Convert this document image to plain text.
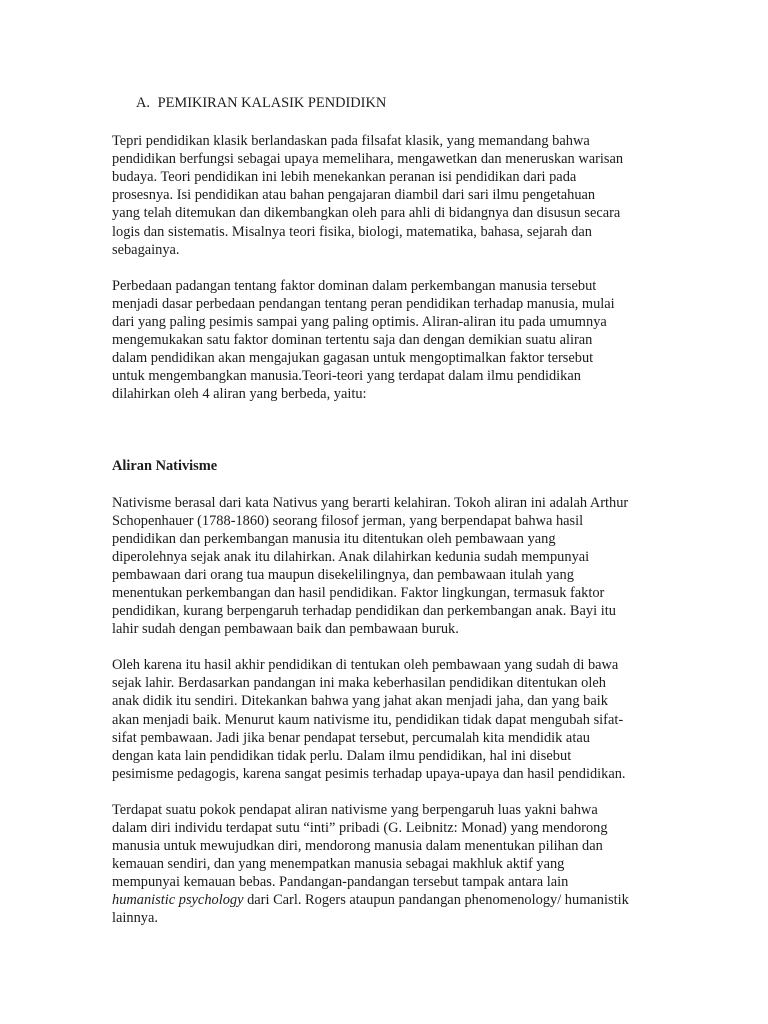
A. PEMIKIRAN KALASIK PENDIDIKN

Tepri pendidikan klasik berlandaskan pada filsafat klasik, yang memandang bahwa
pendidikan berfungsi sebagai upaya memelihara, mengawetkan dan meneruskan warisan
budaya. Teori pendidikan ini lebih menekankan peranan isi pendidikan dari pada
prosesnya. Isi pendidikan atau bahan pengajaran diambil dari sari ilmu pengetahuan
yang telah ditemukan dan dikembangkan oleh para ahli di bidangnya dan disusun secara
logis dan sistematis. Misalnya teori fisika, biologi, matematika, bahasa, sejarah dan
sebagainya.

Perbedaan padangan tentang faktor dominan dalam perkembangan manusia tersebut
menjadi dasar perbedaan pendangan tentang peran pendidikan terhadap manusia, mulai
dari yang paling pesimis sampai yang paling optimis. Aliran-aliran itu pada umumnya
mengemukakan satu faktor dominan tertentu saja dan dengan demikian suatu aliran
dalam pendidikan akan mengajukan gagasan untuk mengoptimalkan faktor tersebut
untuk mengembangkan manusia.Teori-teori yang terdapat dalam ilmu pendidikan
dilahirkan oleh 4 aliran yang berbeda, yaitu:

Aliran Nativisme

Nativisme berasal dari kata Nativus yang berarti kelahiran. Tokoh aliran ini adalah Arthur
Schopenhauer (1788-1860) seorang filosof jerman, yang berpendapat bahwa hasil
pendidikan dan perkembangan manusia itu ditentukan oleh pembawaan yang
diperolehnya sejak anak itu dilahirkan. Anak dilahirkan kedunia sudah mempunyai
pembawaan dari orang tua maupun disekelilingnya, dan pembawaan itulah yang
menentukan perkembangan dan hasil pendidikan. Faktor lingkungan, termasuk faktor
pendidikan, kurang berpengaruh terhadap pendidikan dan perkembangan anak. Bayi itu
lahir sudah dengan pembawaan baik dan pembawaan buruk.

Oleh karena itu hasil akhir pendidikan di tentukan oleh pembawaan yang sudah di bawa
sejak lahir. Berdasarkan pandangan ini maka keberhasilan pendidikan ditentukan oleh
anak didik itu sendiri. Ditekankan bahwa yang jahat akan menjadi jaha, dan yang baik
akan menjadi baik. Menurut kaum nativisme itu, pendidikan tidak dapat mengubah sifat-
sifat pembawaan. Jadi jika benar pendapat tersebut, percumalah kita mendidik atau
dengan kata lain pendidikan tidak perlu. Dalam ilmu pendidikan, hal ini disebut
pesimisme pedagogis, karena sangat pesimis terhadap upaya-upaya dan hasil pendidikan.

Terdapat suatu pokok pendapat aliran nativisme yang berpengaruh luas yakni bahwa
dalam diri individu terdapat sutu “inti” pribadi (G. Leibnitz: Monad) yang mendorong
manusia untuk mewujudkan diri, mendorong manusia dalam menentukan pilihan dan
kemauan sendiri, dan yang menempatkan manusia sebagai makhluk aktif yang
mempunyai kemauan bebas. Pandangan-pandangan tersebut tampak antara lain
humanistic psychology dari Carl. Rogers ataupun pandangan phenomenology/ humanistik
lainnya.
